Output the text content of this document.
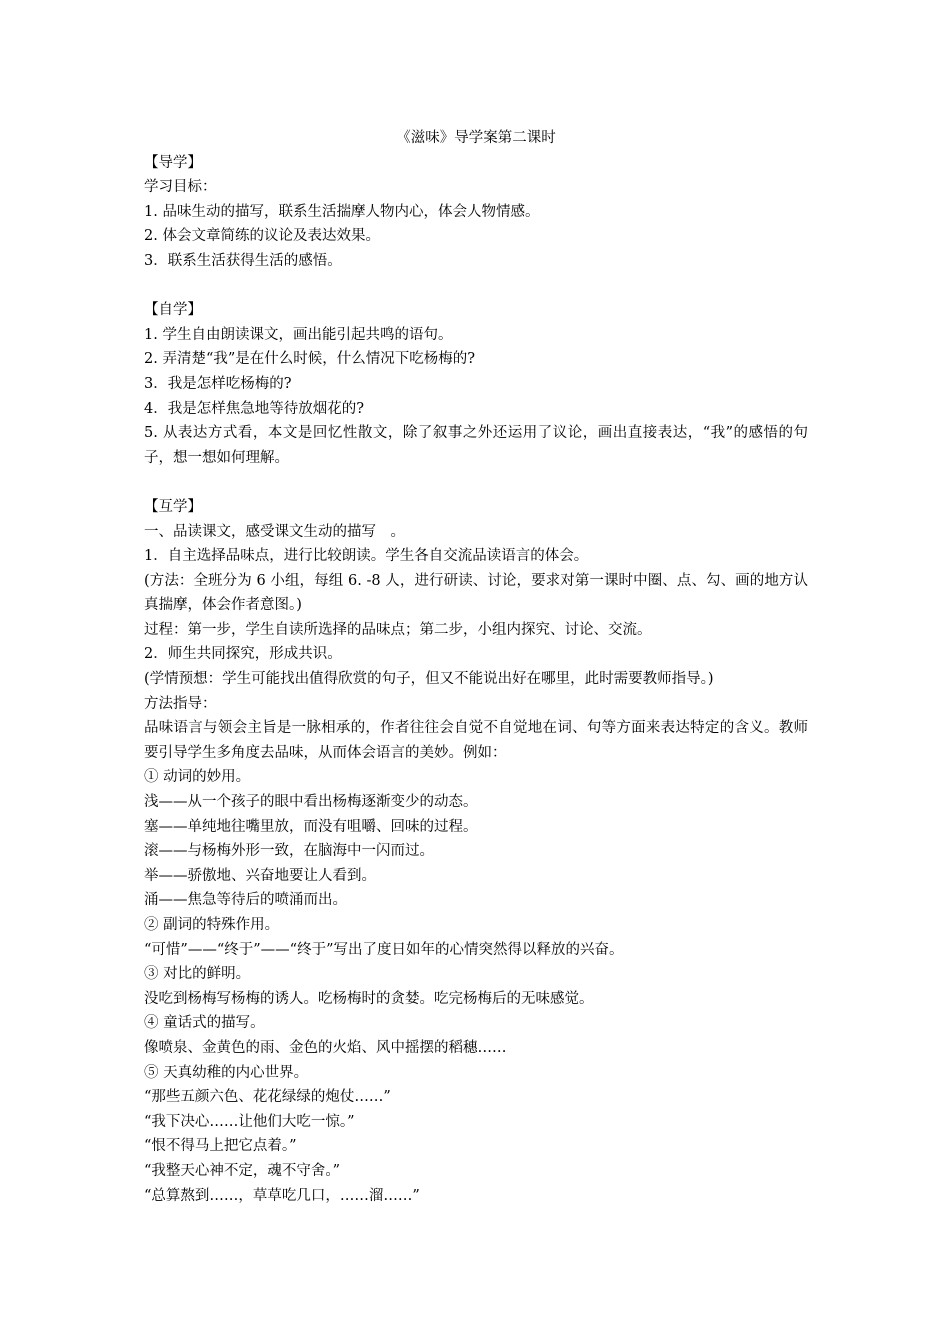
《滋味》导学案第二课时

【导学】

学习目标：

1. 品味生动的描写，联系生活揣摩人物内心，体会人物情感。

2. 体会文章简练的议论及表达效果。

3．联系生活获得生活的感悟。

【自学】

1. 学生自由朗读课文，画出能引起共鸣的语句。

2. 弄清楚“我”是在什么时候，什么情况下吃杨梅的?

3．我是怎样吃杨梅的?

4．我是怎样焦急地等待放烟花的?

5. 从表达方式看，本文是回忆性散文，除了叙事之外还运用了议论，画出直接表达，“我”的感悟的句子，想一想如何理解。

【互学】

一、品读课文，感受课文生动的描写　。

1．自主选择品味点，进行比较朗读。学生各自交流品读语言的体会。

(方法：全班分为 6 小组，每组 6. -8 人，进行研读、讨论，要求对第一课时中圈、点、勾、画的地方认真揣摩，体会作者意图。)

过程：第一步，学生自读所选择的品味点；第二步，小组内探究、讨论、交流。

2．师生共同探究，形成共识。

(学情预想：学生可能找出值得欣赏的句子，但又不能说出好在哪里，此时需要教师指导。)

方法指导：

品味语言与领会主旨是一脉相承的，作者往往会自觉不自觉地在词、句等方面来表达特定的含义。教师要引导学生多角度去品味，从而体会语言的美妙。例如：

① 动词的妙用。

浅——从一个孩子的眼中看出杨梅逐渐变少的动态。

塞——单纯地往嘴里放，而没有咀嚼、回味的过程。

滚——与杨梅外形一致，在脑海中一闪而过。

举——骄傲地、兴奋地要让人看到。

涌——焦急等待后的喷涌而出。

② 副词的特殊作用。

“可惜”——“终于”——“终于”写出了度日如年的心情突然得以释放的兴奋。

③ 对比的鲜明。

没吃到杨梅写杨梅的诱人。吃杨梅时的贪婪。吃完杨梅后的无味感觉。

④ 童话式的描写。

像喷泉、金黄色的雨、金色的火焰、风中摇摆的稻穗……

⑤ 天真幼稚的内心世界。

“那些五颜六色、花花绿绿的炮仗……”

“我下决心……让他们大吃一惊。”

“恨不得马上把它点着。”

“我整天心神不定，魂不守舍。”

“总算熬到……，草草吃几口，……溜……”
